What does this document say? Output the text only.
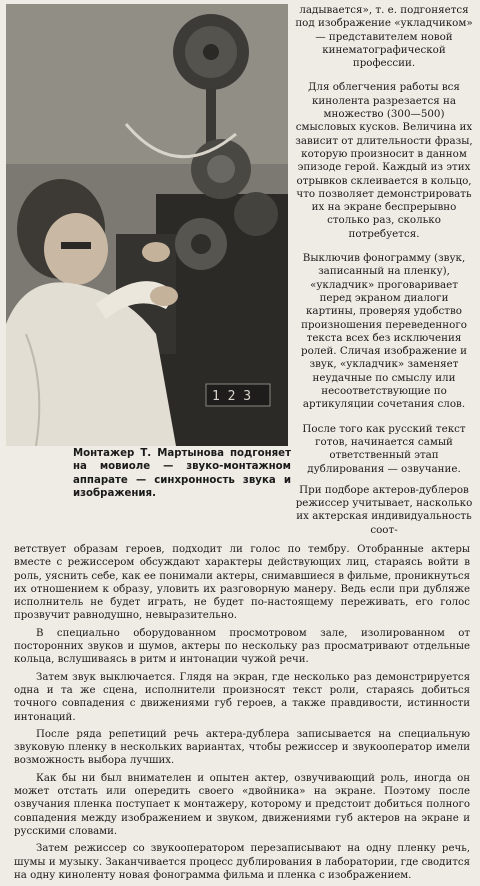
1 2 3

Монтажер Т. Мартынова подгоняет на мовиоле — звуко-монтажном аппарате — синхронность звука и изображения.

ладывается», т. е. подгоняется под изображение «укладчиком» — представителем новой кинематографической профессии.

Для облегчения работы вся кинолента разрезается на множество (300—500) смысловых кусков. Величина их зависит от длительности фразы, которую произносит в данном эпизоде герой. Каждый из этих отрывков склеивается в кольцо, что позволяет демонстрировать их на экране беспрерывно столько раз, сколько потребуется.

Выключив фонограмму (звук, записанный на пленку), «укладчик» проговаривает перед экраном диалоги картины, проверяя удобство произношения переведенного текста всех без исключения ролей. Сличая изображение и звук, «укладчик» заменяет неудачные по смыслу или несоответствующие по артикуляции сочетания слов.

После того как русский текст готов, начинается самый ответственный этап дублирования — озвучание.

При подборе актеров-дублеров режиссер учитывает, насколько их актерская индивидуальность соот-

ветствует образам героев, подходит ли голос по тембру. Отобранные актеры вместе с режиссером обсуждают характеры действующих лиц, стараясь войти в роль, уяснить себе, как ее понимали актеры, снимавшиеся в фильме, проникнуться их отношением к образу, уловить их разговорную манеру. Ведь если при дубляже исполнитель не будет играть, не будет по-настоящему переживать, его голос прозвучит равнодушно, невыразительно.

В специально оборудованном просмотровом зале, изолированном от посторонних звуков и шумов, актеры по нескольку раз просматривают отдельные кольца, вслушиваясь в ритм и интонации чужой речи.

Затем звук выключается. Глядя на экран, где несколько раз демонстрируется одна и та же сцена, исполнители произносят текст роли, стараясь добиться точного совпадения с движениями губ героев, а также правдивости, истинности интонаций.

После ряда репетиций речь актера-дублера записывается на специальную звуковую пленку в нескольких вариантах, чтобы режиссер и звукооператор имели возможность выбора лучших.

Как бы ни был внимателен и опытен актер, озвучивающий роль, иногда он может отстать или опередить своего «двойника» на экране. Поэтому после озвучания пленка поступает к монтажеру, которому и предстоит добиться полного совпадения между изображением и звуком, движениями губ актеров на экране и русскими словами.

Затем режиссер со звукооператором перезаписывают на одну пленку речь, шумы и музыку. Заканчивается процесс дублирования в лаборатории, где сводится на одну киноленту новая фонограмма фильма и пленка с изображением.
